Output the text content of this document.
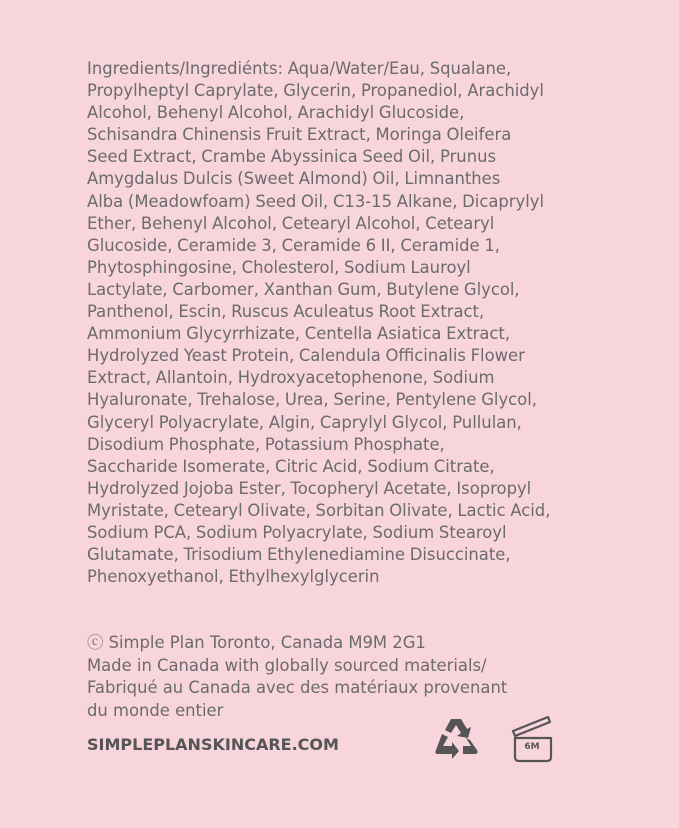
Ingredients/Ingrediénts: Aqua/Water/Eau, Squalane,
Propylheptyl Caprylate, Glycerin, Propanediol, Arachidyl
Alcohol, Behenyl Alcohol, Arachidyl Glucoside,
Schisandra Chinensis Fruit Extract, Moringa Oleifera
Seed Extract, Crambe Abyssinica Seed Oil, Prunus
Amygdalus Dulcis (Sweet Almond) Oil, Limnanthes
Alba (Meadowfoam) Seed Oil, C13-15 Alkane, Dicaprylyl
Ether, Behenyl Alcohol, Cetearyl Alcohol, Cetearyl
Glucoside, Ceramide 3, Ceramide 6 II, Ceramide 1,
Phytosphingosine, Cholesterol, Sodium Lauroyl
Lactylate, Carbomer, Xanthan Gum, Butylene Glycol,
Panthenol, Escin, Ruscus Aculeatus Root Extract,
Ammonium Glycyrrhizate, Centella Asiatica Extract,
Hydrolyzed Yeast Protein, Calendula Officinalis Flower
Extract, Allantoin, Hydroxyacetophenone, Sodium
Hyaluronate, Trehalose, Urea, Serine, Pentylene Glycol,
Glyceryl Polyacrylate, Algin, Caprylyl Glycol, Pullulan,
Disodium Phosphate, Potassium Phosphate,
Saccharide Isomerate, Citric Acid, Sodium Citrate,
Hydrolyzed Jojoba Ester, Tocopheryl Acetate, Isopropyl
Myristate, Cetearyl Olivate, Sorbitan Olivate, Lactic Acid,
Sodium PCA, Sodium Polyacrylate, Sodium Stearoyl
Glutamate, Trisodium Ethylenediamine Disuccinate,
Phenoxyethanol, Ethylhexylglycerin
ⓒ Simple Plan Toronto, Canada M9M 2G1
Made in Canada with globally sourced materials/
Fabriqué au Canada avec des matériaux provenant
du monde entier
SIMPLEPLANSKINCARE.COM	6M
